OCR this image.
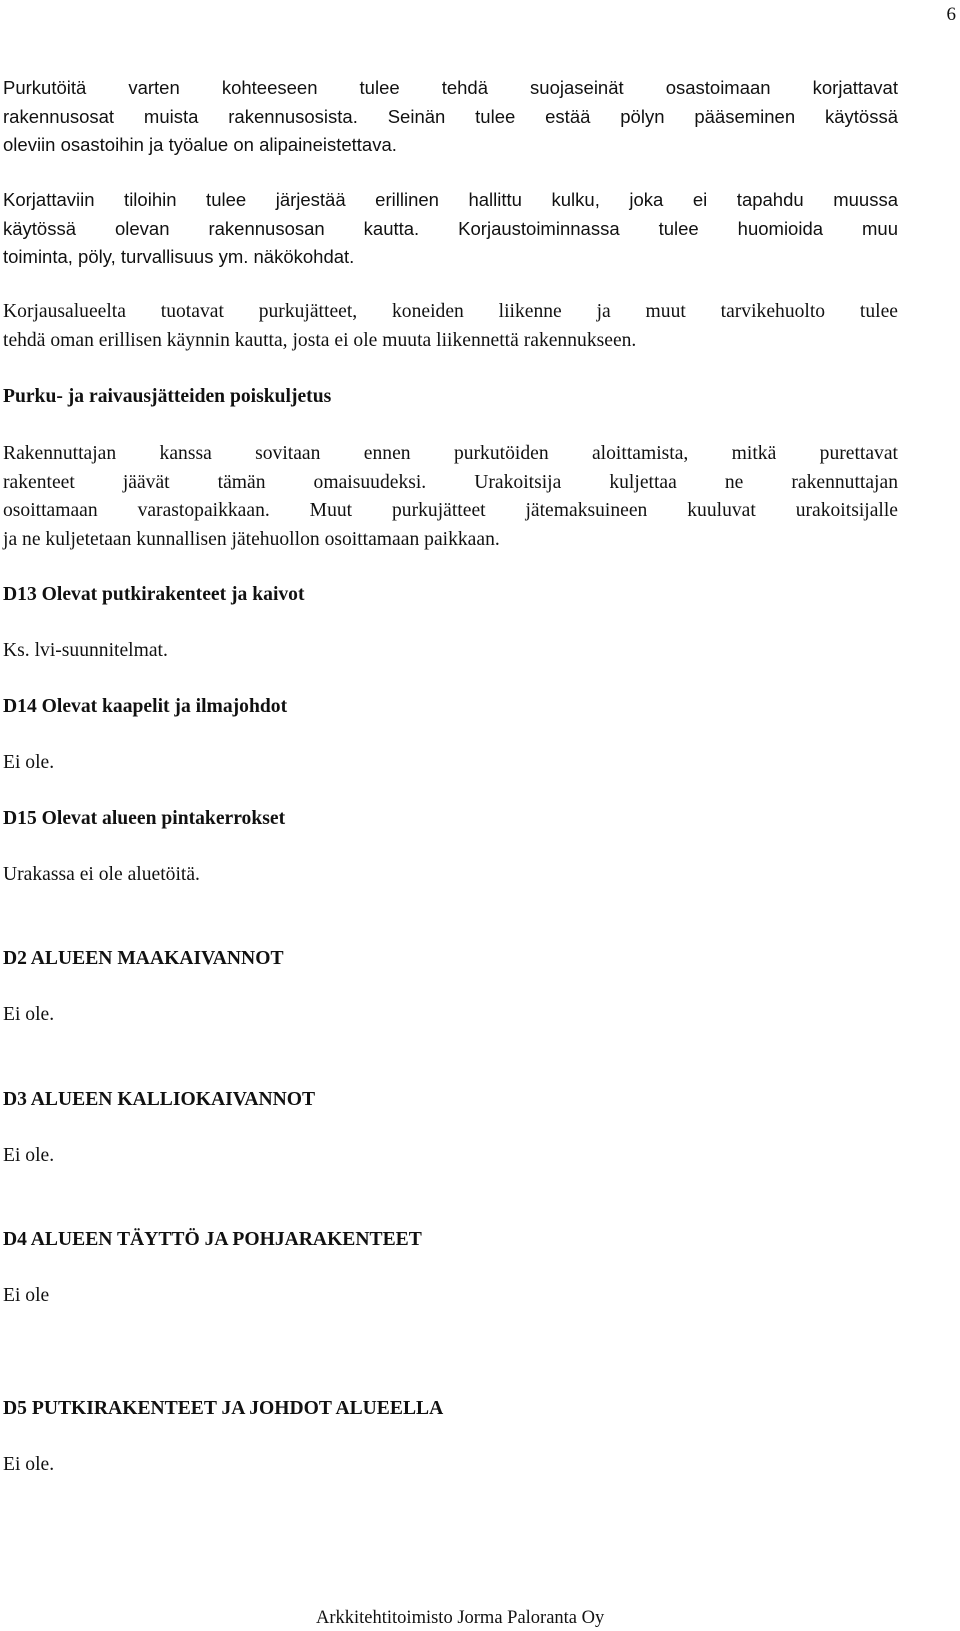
6
Purkutöitä varten kohteeseen tulee tehdä suojaseinät osastoimaan korjattavat
rakennusosat muista rakennusosista. Seinän tulee estää pölyn pääseminen käytössä
oleviin osastoihin ja työalue on alipaineistettava.
Korjattaviin tiloihin tulee järjestää erillinen hallittu kulku, joka ei tapahdu muussa
käytössä olevan rakennusosan kautta. Korjaustoiminnassa tulee huomioida muu
toiminta, pöly, turvallisuus ym. näkökohdat.
Korjausalueelta tuotavat purkujätteet, koneiden liikenne ja muut tarvikehuolto tulee
tehdä oman erillisen käynnin kautta, josta ei ole muuta liikennettä rakennukseen.
Purku- ja raivausjätteiden poiskuljetus
Rakennuttajan kanssa sovitaan ennen purkutöiden aloittamista, mitkä purettavat
rakenteet jäävät tämän omaisuudeksi. Urakoitsija kuljettaa ne rakennuttajan
osoittamaan varastopaikkaan. Muut purkujätteet jätemaksuineen kuuluvat urakoitsijalle
ja ne kuljetetaan kunnallisen jätehuollon osoittamaan paikkaan.
D13 Olevat putkirakenteet ja kaivot
Ks. lvi-suunnitelmat.
D14 Olevat kaapelit ja ilmajohdot
Ei ole.
D15 Olevat alueen pintakerrokset
Urakassa ei ole aluetöitä.
D2 ALUEEN MAAKAIVANNOT
Ei ole.
D3 ALUEEN KALLIOKAIVANNOT
Ei ole.
D4 ALUEEN TÄYTTÖ JA POHJARAKENTEET
Ei ole
D5 PUTKIRAKENTEET JA JOHDOT ALUEELLA
Ei ole.
Arkkitehtitoimisto Jorma Paloranta Oy
